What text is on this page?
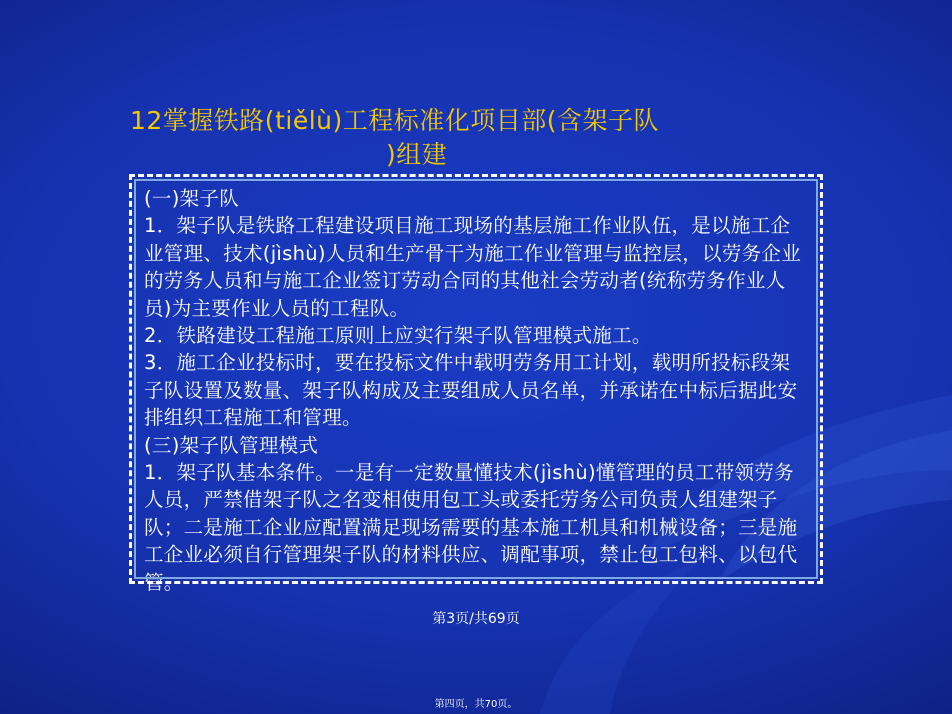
12掌握铁路(tiělù)工程标准化项目部(含架子队
)组建

(一)架子队

1．架子队是铁路工程建设项目施工现场的基层施工作业队伍，是以施工企业管理、技术(jìshù)人员和生产骨干为施工作业管理与监控层，以劳务企业的劳务人员和与施工企业签订劳动合同的其他社会劳动者(统称劳务作业人员)为主要作业人员的工程队。

2．铁路建设工程施工原则上应实行架子队管理模式施工。

3．施工企业投标时，要在投标文件中载明劳务用工计划，载明所投标段架子队设置及数量、架子队构成及主要组成人员名单，并承诺在中标后据此安排组织工程施工和管理。

(三)架子队管理模式

1．架子队基本条件。一是有一定数量懂技术(jìshù)懂管理的员工带领劳务人员，严禁借架子队之名变相使用包工头或委托劳务公司负责人组建架子队；二是施工企业应配置满足现场需要的基本施工机具和机械设备；三是施工企业必须自行管理架子队的材料供应、调配事项，禁止包工包料、以包代管。

第3页/共69页
第四页，共70页。
